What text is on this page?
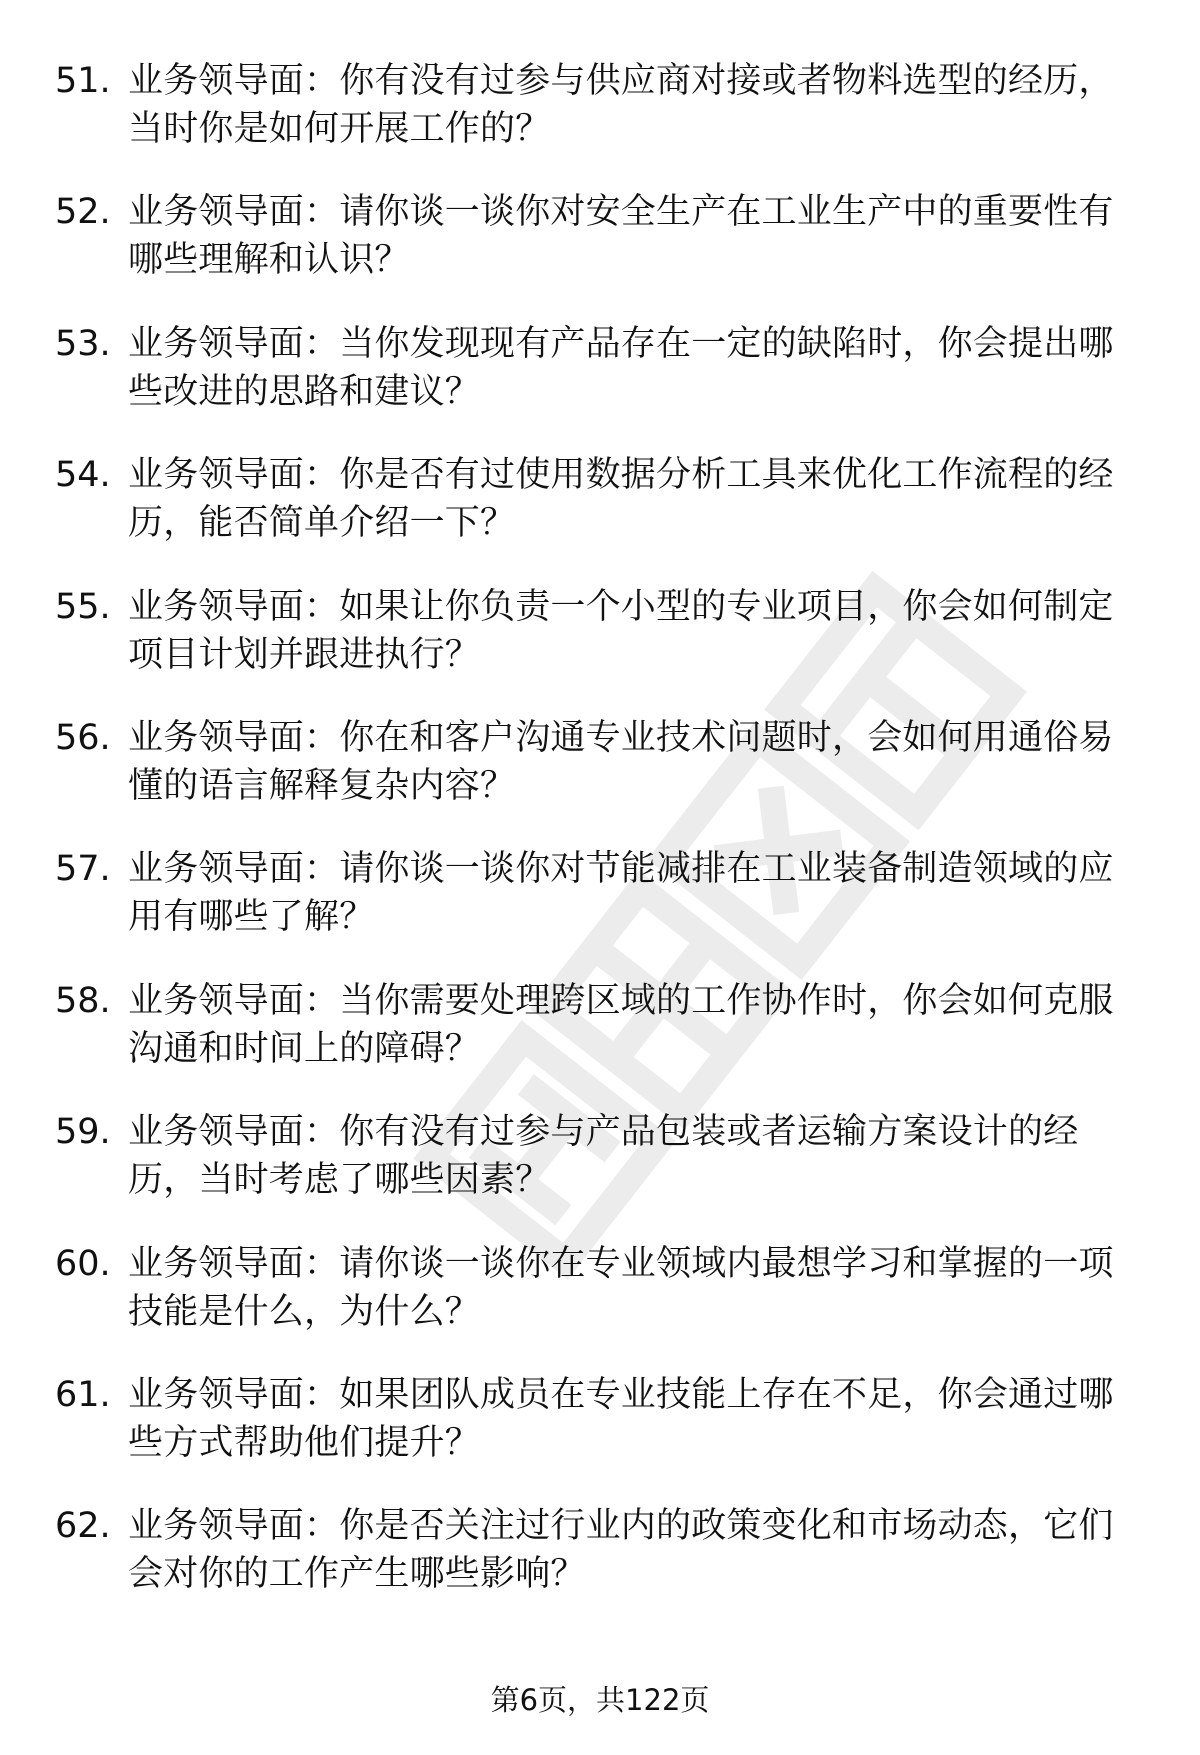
51. 业务领导面：你有没有过参与供应商对接或者物料选型的经历，当时你是如何开展工作的？
52. 业务领导面：请你谈一谈你对安全生产在工业生产中的重要性有哪些理解和认识？
53. 业务领导面：当你发现现有产品存在一定的缺陷时，你会提出哪些改进的思路和建议？
54. 业务领导面：你是否有过使用数据分析工具来优化工作流程的经历，能否简单介绍一下？
55. 业务领导面：如果让你负责一个小型的专业项目，你会如何制定项目计划并跟进执行？
56. 业务领导面：你在和客户沟通专业技术问题时，会如何用通俗易懂的语言解释复杂内容？
57. 业务领导面：请你谈一谈你对节能减排在工业装备制造领域的应用有哪些了解？
58. 业务领导面：当你需要处理跨区域的工作协作时，你会如何克服沟通和时间上的障碍？
59. 业务领导面：你有没有过参与产品包装或者运输方案设计的经历，当时考虑了哪些因素？
60. 业务领导面：请你谈一谈你在专业领域内最想学习和掌握的一项技能是什么，为什么？
61. 业务领导面：如果团队成员在专业技能上存在不足，你会通过哪些方式帮助他们提升？
62. 业务领导面：你是否关注过行业内的政策变化和市场动态，它们会对你的工作产生哪些影响？
第6页，共122页
